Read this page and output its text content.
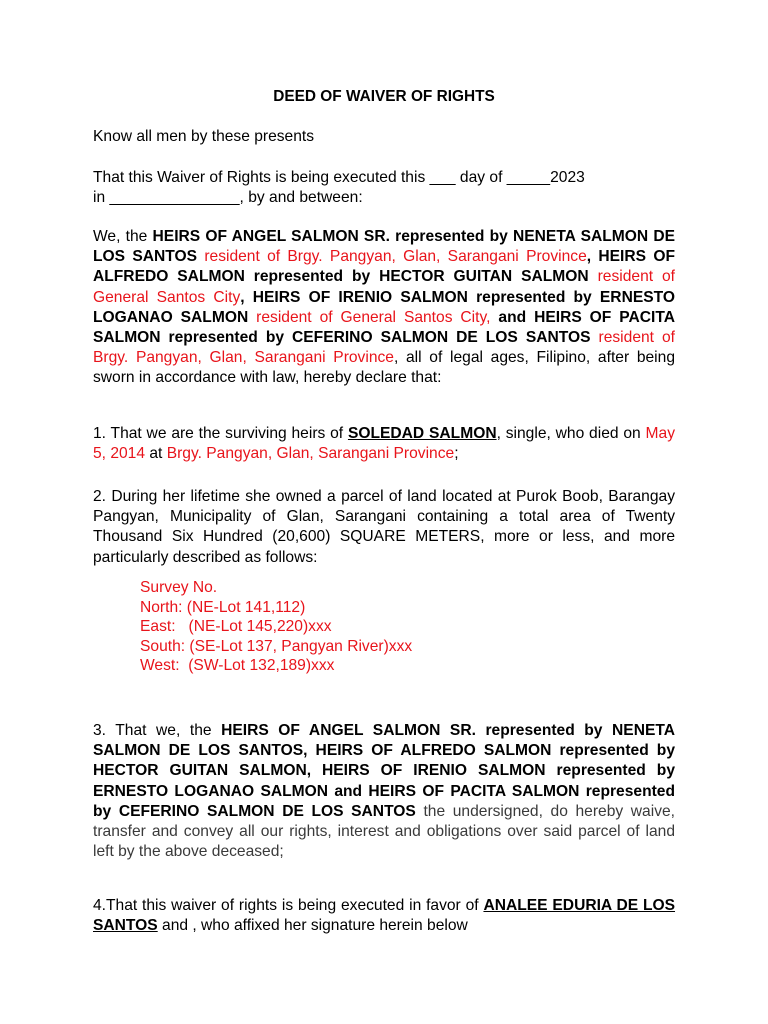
DEED OF WAIVER OF RIGHTS
Know all men by these presents
That this Waiver of Rights is being executed this ___ day of _____2023
in _______________, by and between:
We, the HEIRS OF ANGEL SALMON SR. represented by NENETA SALMON DE LOS SANTOS resident of Brgy. Pangyan, Glan, Sarangani Province, HEIRS OF ALFREDO SALMON represented by HECTOR GUITAN SALMON resident of General Santos City, HEIRS OF IRENIO SALMON represented by ERNESTO LOGANAO SALMON resident of General Santos City, and HEIRS OF PACITA SALMON represented by CEFERINO SALMON DE LOS SANTOS resident of Brgy. Pangyan, Glan, Sarangani Province, all of legal ages, Filipino, after being sworn in accordance with law, hereby declare that:
1. That we are the surviving heirs of SOLEDAD SALMON, single, who died on May 5, 2014 at Brgy. Pangyan, Glan, Sarangani Province;
2. During her lifetime she owned a parcel of land located at Purok Boob, Barangay Pangyan, Municipality of Glan, Sarangani containing a total area of Twenty Thousand Six Hundred (20,600) SQUARE METERS, more or less, and more particularly described as follows:
Survey No.
North: (NE-Lot 141,112)
East:   (NE-Lot 145,220)xxx
South: (SE-Lot 137, Pangyan River)xxx
West:  (SW-Lot 132,189)xxx
3. That we, the HEIRS OF ANGEL SALMON SR. represented by NENETA SALMON DE LOS SANTOS, HEIRS OF ALFREDO SALMON represented by HECTOR GUITAN SALMON, HEIRS OF IRENIO SALMON represented by ERNESTO LOGANAO SALMON and HEIRS OF PACITA SALMON represented by CEFERINO SALMON DE LOS SANTOS the undersigned, do hereby waive, transfer and convey all our rights, interest and obligations over said parcel of land left by the above deceased;
4.That this waiver of rights is being executed in favor of ANALEE EDURIA DE LOS SANTOS and , who affixed her signature herein below
